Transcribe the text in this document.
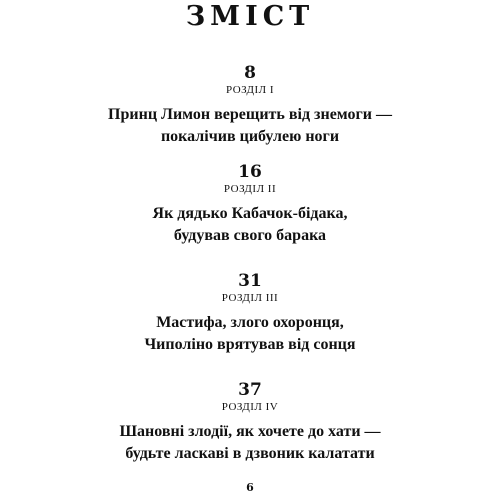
ЗМІСТ
8
РОЗДІЛ I
Принц Лимон верещить від знемоги —
покалічив цибулею ноги
16
РОЗДІЛ II
Як дядько Кабачок-бідака,
будував свого барака
31
РОЗДІЛ III
Мастифа, злого охоронця,
Чиполіно врятував від сонця
37
РОЗДІЛ IV
Шановні злодії, як хочете до хати —
будьте ласкаві в дзвоник калатати
6
